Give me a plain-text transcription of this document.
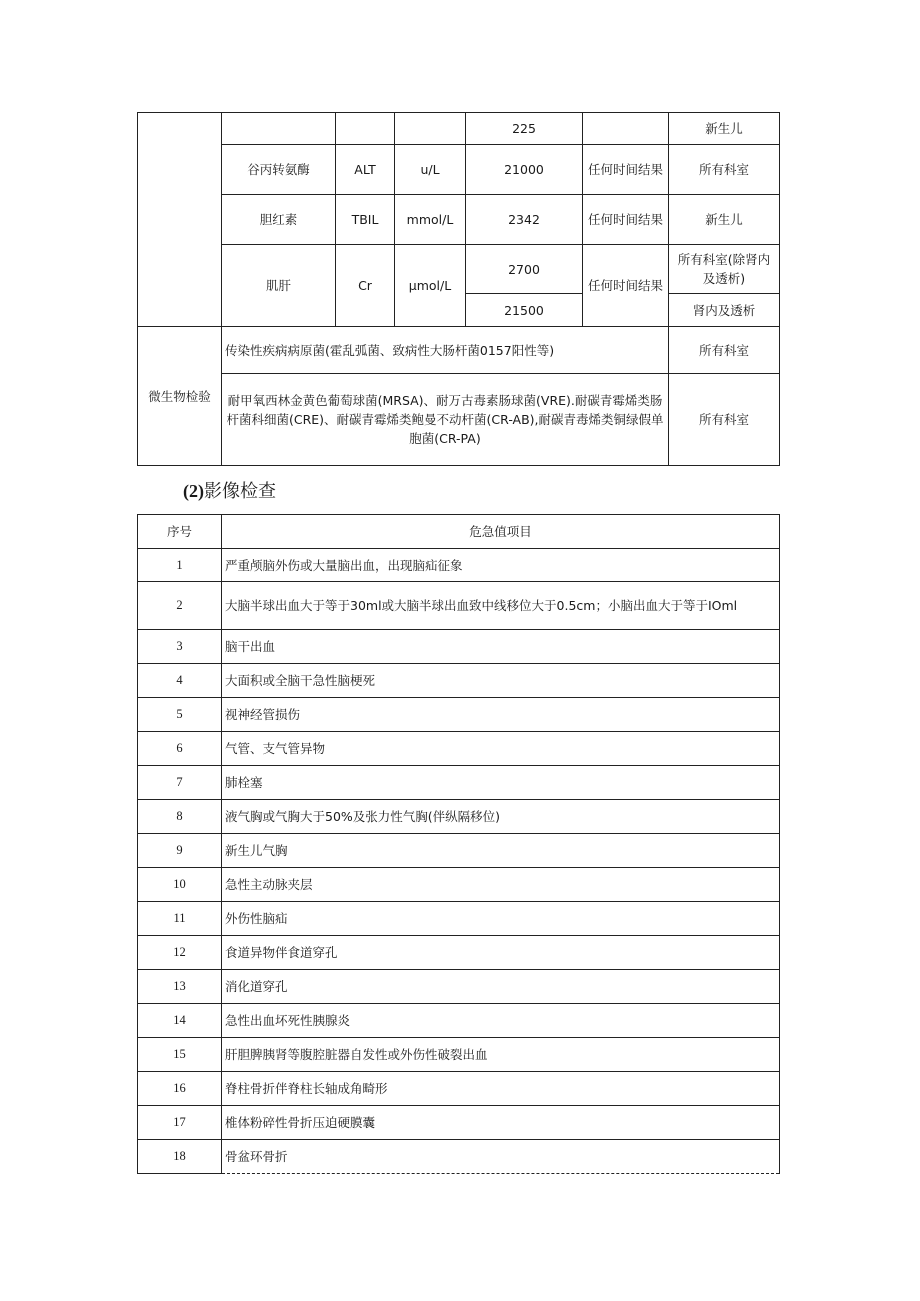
				225		新生儿
	谷丙转氨酶	ALT	u/L	21000	任何时间结果	所有科室
	胆红素	TBIL	mmol/L	2342	任何时间结果	新生儿
	肌肝	Cr	μmol/L	2700	任何时间结果	所有科室(除肾内及透析)
				21500		肾内及透析
微生物检验	传染性疾病病原菌(霍乱弧菌、致病性大肠杆菌0157阳性等)					所有科室
	耐甲氧西林金黄色葡萄球菌(MRSA)、耐万古毒素肠球菌(VRE).耐碳青霉烯类肠杆菌科细菌(CRE)、耐碳青霉烯类鲍曼不动杆菌(CR-AB),耐碳青毒烯类铜绿假单胞菌(CR-PA)					所有科室
(2)影像检查
序号	危急值项目
1	严重颅脑外伤或大量脑出血，出现脑疝征象
2	大脑半球出血大于等于30ml或大脑半球出血致中线移位大于0.5cm；小脑出血大于等于IOml
3	脑干出血
4	大面积或全脑干急性脑梗死
5	视神经管损伤
6	气管、支气管异物
7	肺栓塞
8	液气胸或气胸大于50%及张力性气胸(伴纵隔移位)
9	新生儿气胸
10	急性主动脉夹层
11	外伤性脑疝
12	食道异物伴食道穿孔
13	消化道穿孔
14	急性出血坏死性胰腺炎
15	肝胆脾胰肾等腹腔脏器自发性或外伤性破裂出血
16	脊柱骨折伴脊柱长轴成角畸形
17	椎体粉碎性骨折压迫硬膜囊
18	骨盆环骨折
